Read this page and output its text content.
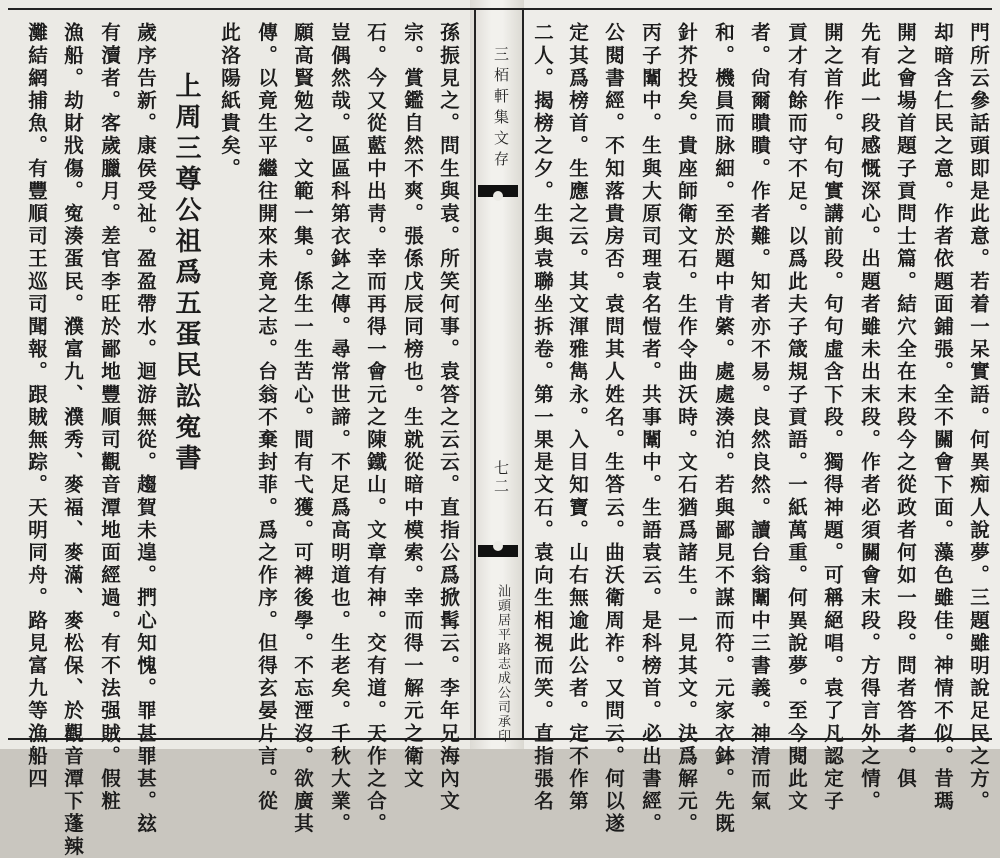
三栢軒集文存
七二
汕頭居平路志成公司承印	門所云參話頭即是此意。若着一呆實語。何異痴人說夢。三題雖明說足民之方。
却暗含仁民之意。作者依題面鋪張。全不關會下面。藻色雖佳。神情不似。昔瑪
開之會場首題子貢問士篇。結穴全在末段今之從政者何如一段。問者答者。俱
先有此一段感慨深心。出題者雖未出末段。作者必須關會末段。方得言外之情。
開之首作。句句實講前段。句句虛含下段。獨得神題。可稱絕唱。袁了凡認定子
貢才有餘而守不足。以爲此夫子箴規子貢語。一紙萬重。何異說夢。至今閱此文
者。尙爾瞶瞶。作者難。知者亦不易。良然良然。讀台翁闈中三書義。神清而氣
和。機員而脉細。至於題中肯綮。處處湊泊。若與鄙見不謀而符。元家衣鉢。先既
針芥投矣。貴座師衛文石。生作令曲沃時。文石猶爲諸生。一見其文。決爲解元。
丙子闈中。生與大原司理袁名愷者。共事闈中。生語袁云。是科榜首。必出書經。
公閱書經。不知落貴房否。袁問其人姓名。生答云。曲沃衛周祚。又問云。何以遂
定其爲榜首。生應之云。其文渾雅雋永。入目知寶。山右無逾此公者。定不作第
二人。揭榜之夕。生與袁聯坐拆卷。第一果是文石。袁向生相視而笑。直指張名
孫振見之。問生與袁。所笑何事。袁答之云云。直指公爲掀髯云。李年兄海內文
宗。賞鑑自然不爽。張係戊辰同榜也。生就從暗中模索。幸而得一解元之衛文
石。今又從藍中出靑。幸而再得一會元之陳鐵山。文章有神。交有道。天作之合。
豈偶然哉。區區科第衣鉢之傳。尋常世諦。不足爲高明道也。生老矣。千秋大業。
願高賢勉之。文範一集。係生一生苦心。間有弋獲。可裨後學。不忘湮沒。欲廣其
傳。以竟生平繼往開來未竟之志。台翁不棄封菲。爲之作序。但得玄晏片言。從
此洛陽紙貴矣。
上周三尊公祖爲五蛋民訟寃書
歲序告新。康侯受祉。盈盈帶水。迴游無從。趨賀未遑。捫心知愧。罪甚罪甚。玆
有瀆者。客歲臘月。差官李旺於鄙地豐順司觀音潭地面經過。有不法强賊。假粧
漁船。劫財戕傷。寃湊蛋民。濮富九、濮秀、麥福、麥滿、麥松保、於觀音潭下蓬辣
灘結網捕魚。有豐順司王巡司聞報。跟賊無踪。天明同舟。路見富九等漁船四
